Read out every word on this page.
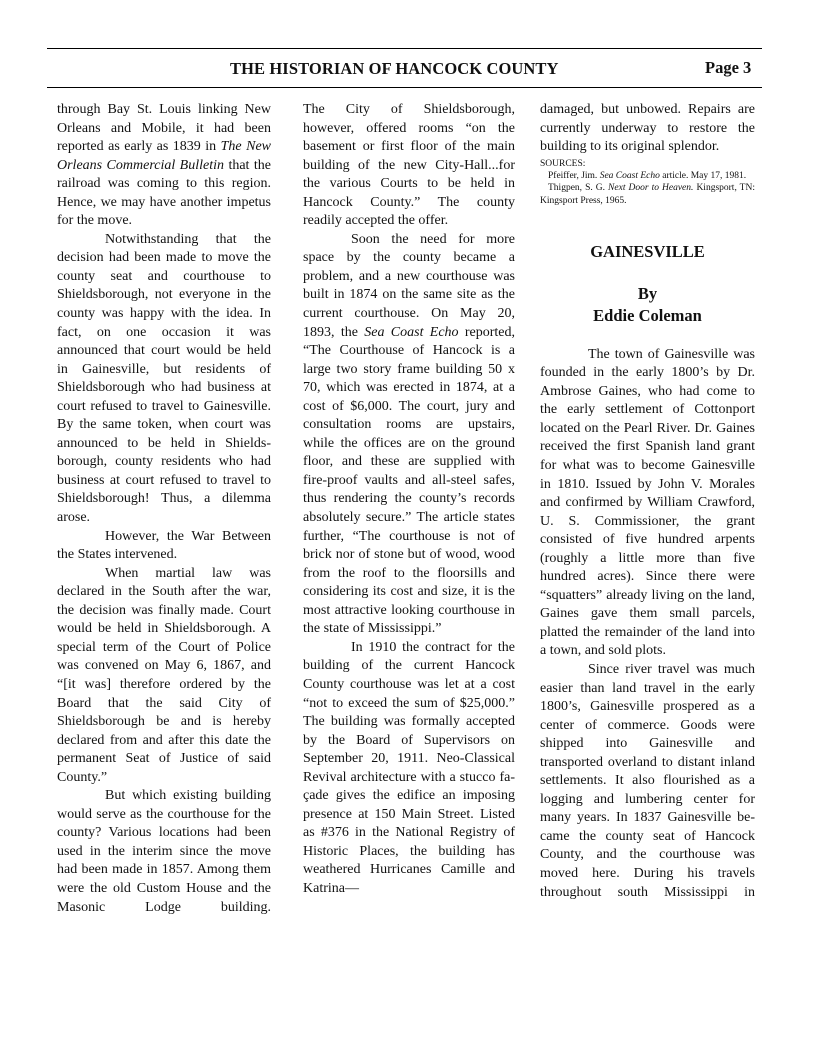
THE HISTORIAN OF HANCOCK COUNTY	Page 3

through Bay St. Louis linking New Orleans and Mobile, it had been reported as early as 1839 in The New Orleans Commercial Bulletin that the railroad was coming to this region. Hence, we may have another impetus for the move.

Notwithstanding that the decision had been made to move the county seat and courthouse to Shieldsborough, not everyone in the county was happy with the idea. In fact, on one occasion it was announced that court would be held in Gainesville, but residents of Shieldsborough who had business at court refused to travel to Gainesville. By the same token, when court was announced to be held in Shieldsborough, county residents who had business at court refused to travel to Shieldsborough! Thus, a dilemma arose.

However, the War Between the States intervened.

When martial law was declared in the South after the war, the decision was finally made. Court would be held in Shieldsborough. A special term of the Court of Police was convened on May 6, 1867, and “[it was] therefore ordered by the Board that the said City of Shieldsborough be and is hereby declared from and after this date the permanent Seat of Justice of said County.”

But which existing building would serve as the courthouse for the county? Various locations had been used in the interim since the move had been made in 1857. Among them were the old Custom House and the Masonic Lodge building.

The City of Shieldsborough, however, offered rooms “on the basement or first floor of the main building of the new City-Hall...for the various Courts to be held in Hancock County.” The county readily accepted the offer.

Soon the need for more space by the county became a problem, and a new courthouse was built in 1874 on the same site as the current courthouse. On May 20, 1893, the Sea Coast Echo reported, “The Courthouse of Hancock is a large two story frame building 50 x 70, which was erected in 1874, at a cost of $6,000. The court, jury and consultation rooms are upstairs, while the offices are on the ground floor, and these are supplied with fire-proof vaults and all-steel safes, thus rendering the county’s records absolutely secure.” The article states further, “The courthouse is not of brick nor of stone but of wood, wood from the roof to the floorsills and considering its cost and size, it is the most attractive looking courthouse in the state of Mississippi.”

In 1910 the contract for the building of the current Hancock County courthouse was let at a cost “not to exceed the sum of $25,000.” The building was formally accepted by the Board of Supervisors on September 20, 1911. Neo-Classical Revival architecture with a stucco façade gives the edifice an imposing presence at 150 Main Street. Listed as #376 in the National Registry of Historic Places, the building has weathered Hurricanes Camille and Katrina—

damaged, but unbowed. Repairs are currently underway to restore the building to its original splendor.

SOURCES:

Pfeiffer, Jim. Sea Coast Echo article. May 17, 1981.

Thigpen, S. G. Next Door to Heaven. Kingsport, TN: Kingsport Press, 1965.

GAINESVILLE
By
Eddie Coleman

The town of Gainesville was founded in the early 1800’s by Dr. Ambrose Gaines, who had come to the early settlement of Cottonport located on the Pearl River. Dr. Gaines received the first Spanish land grant for what was to become Gainesville in 1810. Issued by John V. Morales and confirmed by William Crawford, U. S. Commissioner, the grant consisted of five hundred arpents (roughly a little more than five hundred acres). Since there were “squatters” already living on the land, Gaines gave them small parcels, platted the remainder of the land into a town, and sold plots.

Since river travel was much easier than land travel in the early 1800’s, Gainesville prospered as a center of commerce. Goods were shipped into Gainesville and transported overland to distant inland settlements. It also flourished as a logging and lumbering center for many years. In 1837 Gainesville became the county seat of Hancock County, and the courthouse was moved here. During his travels throughout south Mississippi in
